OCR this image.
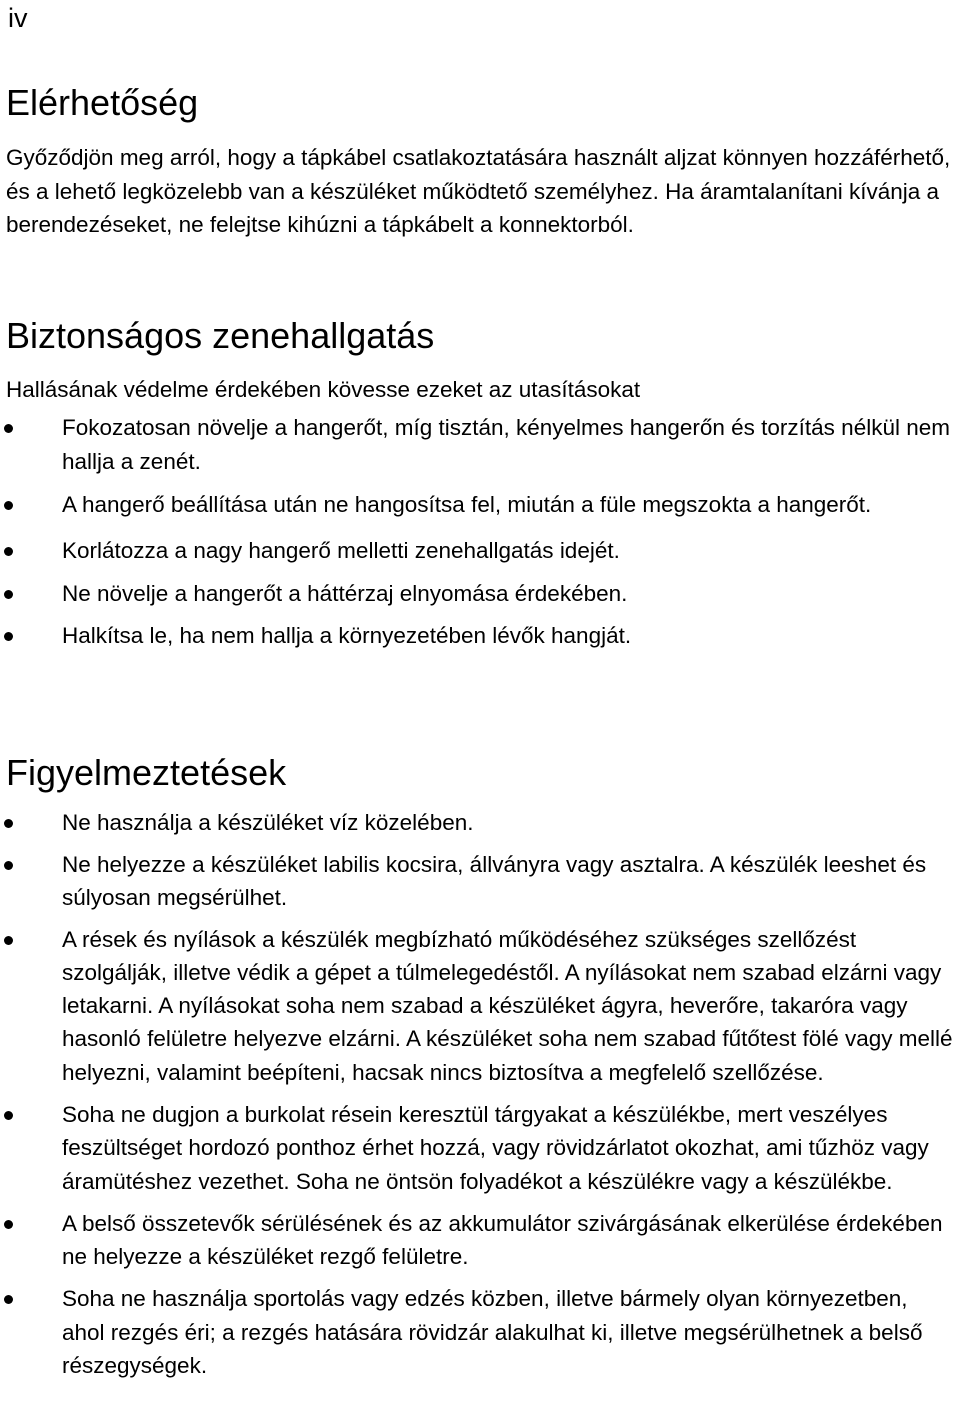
iv

Elérhetőség

Győződjön meg arról, hogy a tápkábel csatlakoztatására használt aljzat könnyen hozzáférhető, és a lehető legközelebb van a készüléket működtető személyhez. Ha áramtalanítani kívánja a berendezéseket, ne felejtse kihúzni a tápkábelt a konnektorból.

Biztonságos zenehallgatás

Hallásának védelme érdekében kövesse ezeket az utasításokat

Fokozatosan növelje a hangerőt, míg tisztán, kényelmes hangerőn és torzítás nélkül nem hallja a zenét.
A hangerő beállítása után ne hangosítsa fel, miután a füle megszokta a hangerőt.
Korlátozza a nagy hangerő melletti zenehallgatás idejét.
Ne növelje a hangerőt a háttérzaj elnyomása érdekében.
Halkítsa le, ha nem hallja a környezetében lévők hangját.
Figyelmeztetések
Ne használja a készüléket víz közelében.
Ne helyezze a készüléket labilis kocsira, állványra vagy asztalra. A készülék leeshet és súlyosan megsérülhet.
A rések és nyílások a készülék megbízható működéséhez szükséges szellőzést szolgálják, illetve védik a gépet a túlmelegedéstől. A nyílásokat nem szabad elzárni vagy letakarni. A nyílásokat soha nem szabad a készüléket ágyra, heverőre, takaróra vagy hasonló felületre helyezve elzárni. A készüléket soha nem szabad fűtőtest fölé vagy mellé helyezni, valamint beépíteni, hacsak nincs biztosítva a megfelelő szellőzése.
Soha ne dugjon a burkolat résein keresztül tárgyakat a készülékbe, mert veszélyes feszültséget hordozó ponthoz érhet hozzá, vagy rövidzárlatot okozhat, ami tűzhöz vagy áramütéshez vezethet. Soha ne öntsön folyadékot a készülékre vagy a készülékbe.
A belső összetevők sérülésének és az akkumulátor szivárgásának elkerülése érdekében ne helyezze a készüléket rezgő felületre.
Soha ne használja sportolás vagy edzés közben, illetve bármely olyan környezetben, ahol rezgés éri; a rezgés hatására rövidzár alakulhat ki, illetve megsérülhetnek a belső részegységek.
